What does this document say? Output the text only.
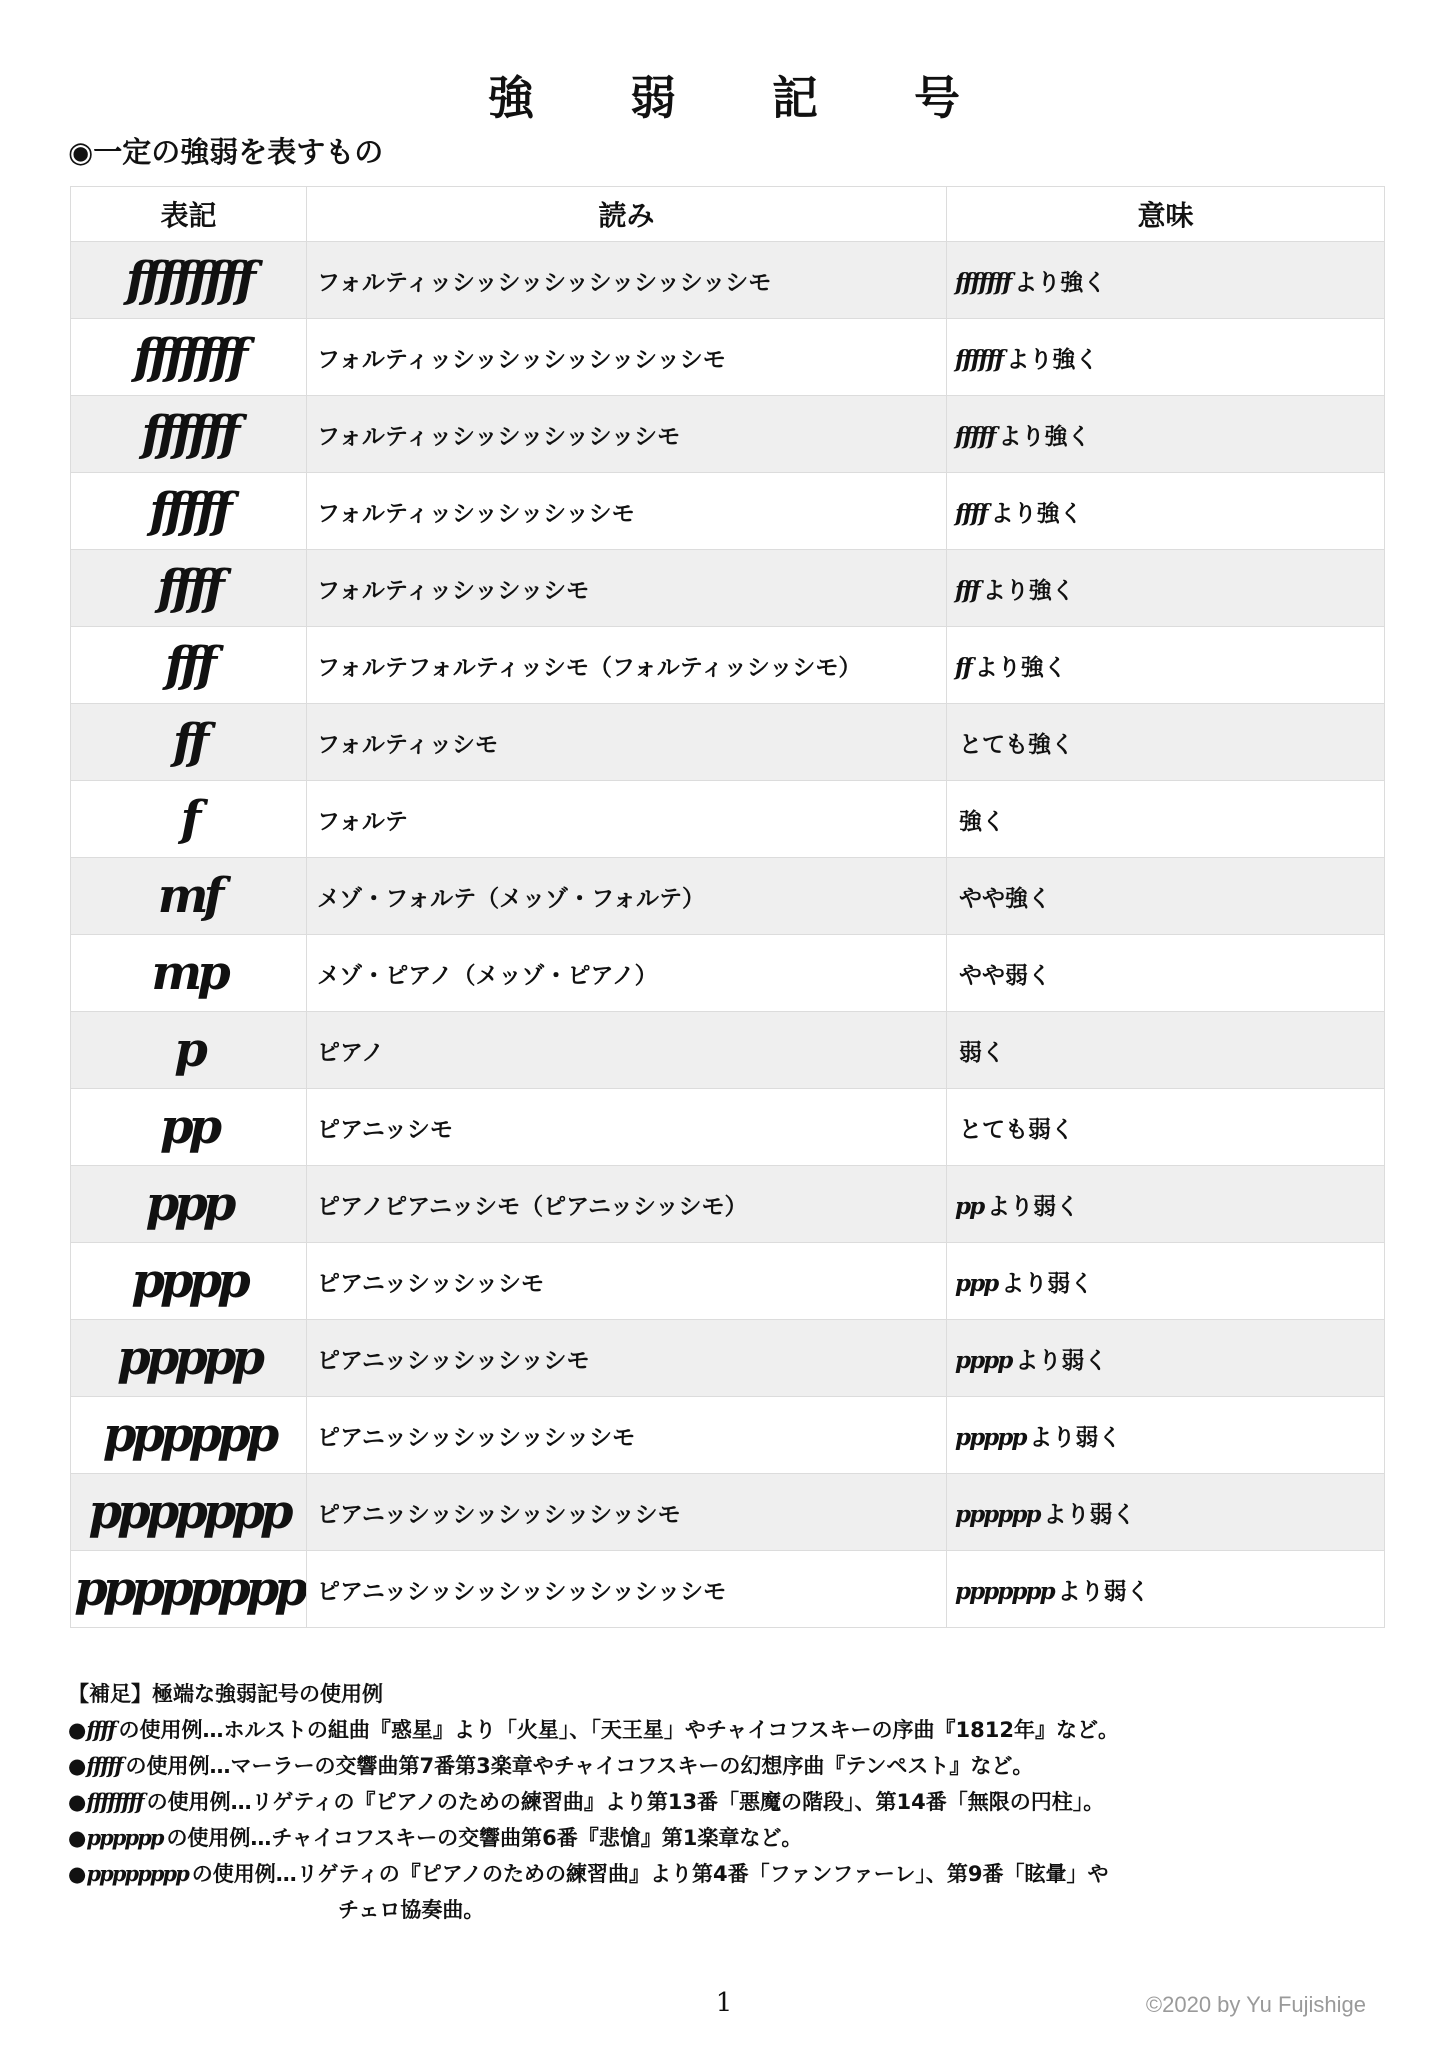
強 弱 記 号
◉一定の強弱を表すもの
表記	読み	意味
ffffffff	フォルティッシッシッシッシッシッシッシモ	fffffff より強く
fffffff	フォルティッシッシッシッシッシッシモ	ffffff より強く
ffffff	フォルティッシッシッシッシッシモ	fffff より強く
fffff	フォルティッシッシッシッシモ	ffff より強く
ffff	フォルティッシッシッシモ	fff より強く
fff	フォルテフォルティッシモ（フォルティッシッシモ）	ff より強く
ff	フォルティッシモ	とても強く
f	フォルテ	強く
mf	メゾ・フォルテ（メッゾ・フォルテ）	やや強く
mp	メゾ・ピアノ（メッゾ・ピアノ）	やや弱く
p	ピアノ	弱く
pp	ピアニッシモ	とても弱く
ppp	ピアノピアニッシモ（ピアニッシッシモ）	pp より弱く
pppp	ピアニッシッシッシモ	ppp より弱く
ppppp	ピアニッシッシッシッシモ	pppp より弱く
pppppp	ピアニッシッシッシッシッシモ	ppppp より弱く
ppppppp	ピアニッシッシッシッシッシッシモ	pppppp より弱く
pppppppp	ピアニッシッシッシッシッシッシッシモ	ppppppp より弱く
【補足】極端な強弱記号の使用例
●ffff の使用例…ホルストの組曲『惑星』より「火星」、「天王星」やチャイコフスキーの序曲『1812年』など。
●fffff の使用例…マーラーの交響曲第7番第3楽章やチャイコフスキーの幻想序曲『テンペスト』など。
●ffffffff の使用例…リゲティの『ピアノのための練習曲』より第13番「悪魔の階段」、第14番「無限の円柱」。
●pppppp の使用例…チャイコフスキーの交響曲第6番『悲愴』第1楽章など。
●pppppppp の使用例…リゲティの『ピアノのための練習曲』より第4番「ファンファーレ」、第9番「眩暈」や
チェロ協奏曲。
1	©2020 by Yu Fujishige
